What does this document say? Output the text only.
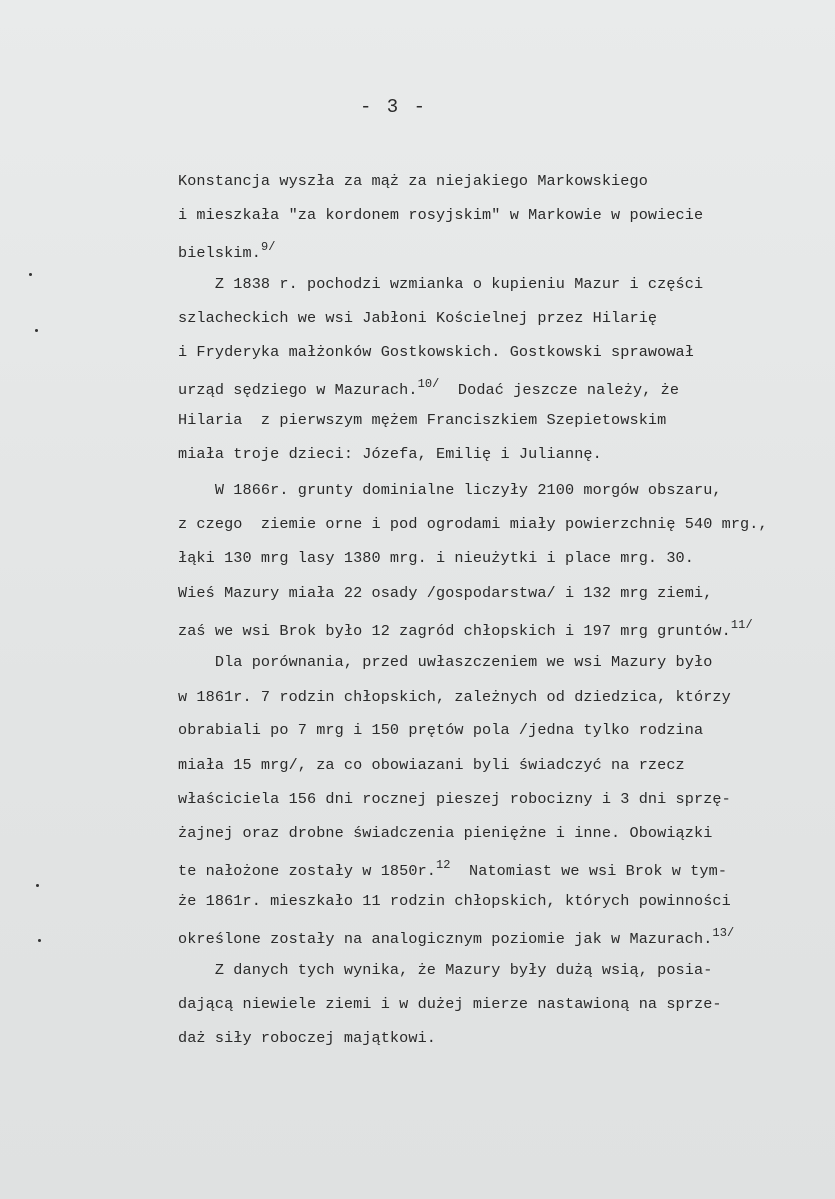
- 3 -
Konstancja wyszła za mąż za niejakiego Markowskiego
i mieszkała "za kordonem rosyjskim" w Markowie w powiecie
bielskim.$^{9/}$
Z 1838 r. pochodzi wzmianka o kupieniu Mazur i części
szlacheckich we wsi Jabłoni Kościelnej przez Hilarię
i Fryderyka małżonków Gostkowskich. Gostkowski sprawował
urząd sędziego w Mazurach.$^{10/}$  Dodać jeszcze należy, że
Hilaria  z pierwszym mężem Franciszkiem Szepietowskim
miała troje dzieci: Józefa, Emilię i Juliannę.
W 1866r. grunty dominialne liczyły 2100 morgów obszaru,
z czego  ziemie orne i pod ogrodami miały powierzchnię 540 mrg.,
łąki 130 mrg lasy 1380 mrg. i nieużytki i place mrg. 30.
Wieś Mazury miała 22 osady /gospodarstwa/ i 132 mrg ziemi,
zaś we wsi Brok było 12 zagród chłopskich i 197 mrg gruntów.$^{11/}$
Dla porównania, przed uwłaszczeniem we wsi Mazury było
w 1861r. 7 rodzin chłopskich, zależnych od dziedzica, którzy
obrabiali po 7 mrg i 150 prętów pola /jedna tylko rodzina
miała 15 mrg/, za co obowiazani byli świadczyć na rzecz
właściciela 156 dni rocznej pieszej robocizny i 3 dni sprzę-
żajnej oraz drobne świadczenia pieniężne i inne. Obowiązki
te nałożone zostały w 1850r.$^{12}$  Natomiast we wsi Brok w tym-
że 1861r. mieszkało 11 rodzin chłopskich, których powinności
określone zostały na analogicznym poziomie jak w Mazurach.$^{13/}$
Z danych tych wynika, że Mazury były dużą wsią, posia-
dającą niewiele ziemi i w dużej mierze nastawioną na sprze-
daż siły roboczej majątkowi.
